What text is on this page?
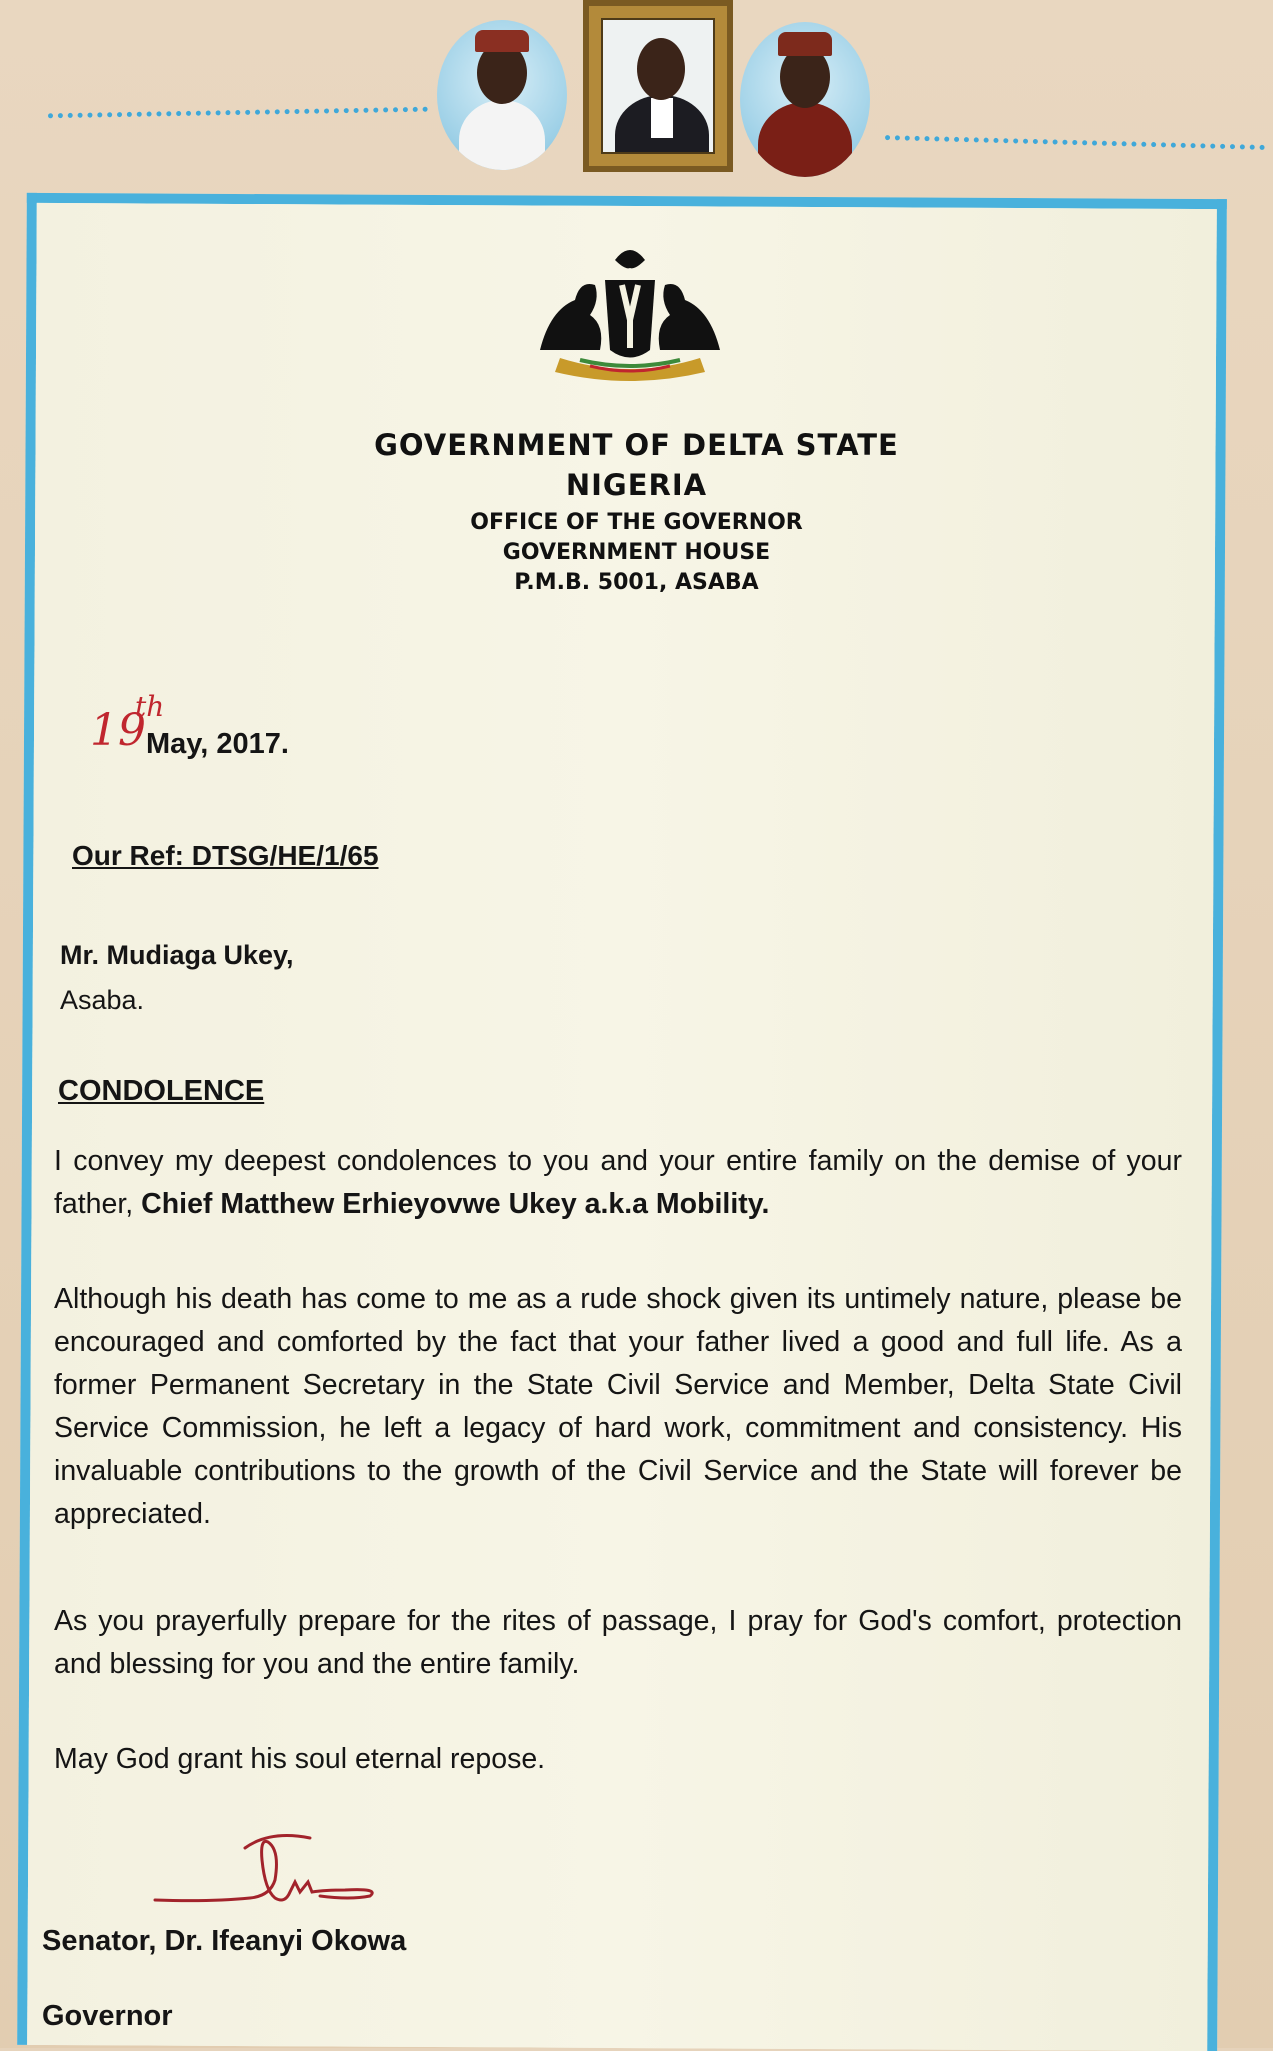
GOVERNMENT OF DELTA STATE
NIGERIA
OFFICE OF THE GOVERNOR
GOVERNMENT HOUSE
P.M.B. 5001, ASABA
19
th
May, 2017.
Our Ref: DTSG/HE/1/65
Mr. Mudiaga Ukey,
Asaba.
CONDOLENCE
I convey my deepest condolences to you and your entire family on the demise of your father, Chief Matthew Erhieyovwe Ukey a.k.a Mobility.
Although his death has come to me as a rude shock given its untimely nature, please be encouraged and comforted by the fact that your father lived a good and full life. As a former Permanent Secretary in the State Civil Service and Member, Delta State Civil Service Commission, he left a legacy of hard work, commitment and consistency. His invaluable contributions to the growth of the Civil Service and the State will forever be appreciated.
As you prayerfully prepare for the rites of passage, I pray for God's comfort, protection and blessing for you and the entire family.
May God grant his soul eternal repose.
Senator, Dr. Ifeanyi Okowa
Governor
